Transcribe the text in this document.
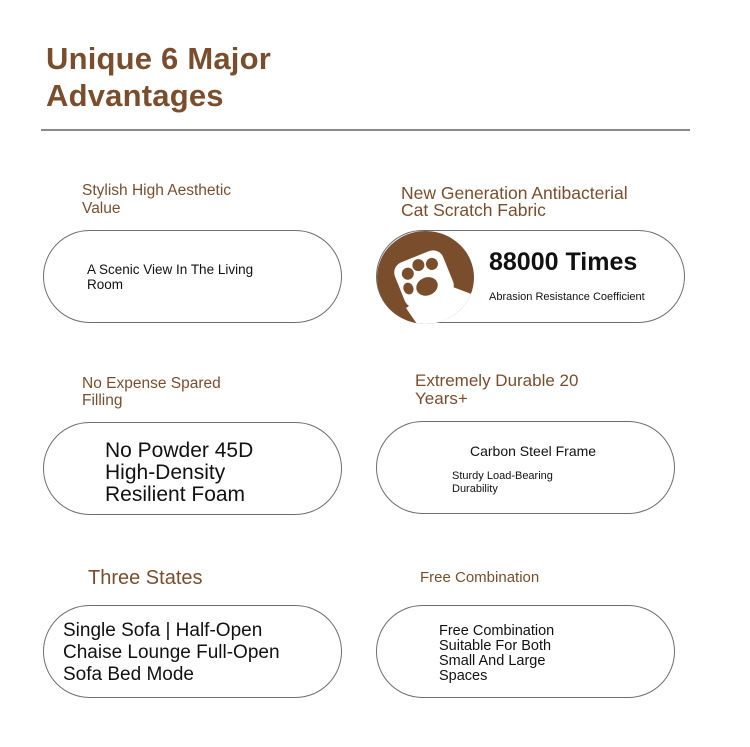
Unique 6 Major
Advantages
Stylish High Aesthetic
Value
A Scenic View In The Living
Room
New Generation Antibacterial
Cat Scratch Fabric
88000 Times
Abrasion Resistance Coefficient
No Expense Spared
Filling
No Powder 45D
High-Density
Resilient Foam
Extremely Durable 20
Years+
Carbon Steel Frame
Sturdy Load-Bearing
Durability
Three States
Single Sofa | Half-Open
Chaise Lounge Full-Open
Sofa Bed Mode
Free Combination
Free Combination
Suitable For Both
Small And Large
Spaces
